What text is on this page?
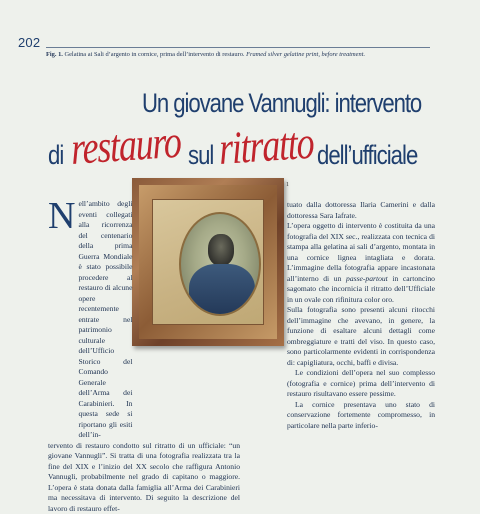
202
Fig. 1. Gelatina ai Sali d’argento in cornice, prima dell’intervento di restauro. Framed silver gelatine print, before treatment.
Un giovane Vannugli: intervento
di restauro sul ritratto dell’ufficiale
1
N ell’ambito degli eventi collegati alla ricorrenza del centenario della prima Guerra Mondiale è stato possibile procedere al restauro di alcune opere recentemente entrate nel patrimonio culturale dell’Ufficio Storico del Comando Generale dell’Arma dei Carabinieri. In questa sede si riportano gli esiti dell’in-

tervento di restauro condotto sul ritratto di un ufficiale: “un giovane Vannugli”. Si tratta di una fotografia realizzata tra la fine del XIX e l’inizio del XX secolo che raffigura Antonio Vannugli, probabilmente nel grado di capitano o maggiore. L’opera è stata donata dalla famiglia all’Arma dei Carabinieri ma necessitava di intervento. Di seguito la descrizione del lavoro di restauro effet-

tuato dalla dottoressa Ilaria Camerini e dalla dottoressa Sara Iafrate.

L’opera oggetto di intervento è costituita da una fotografia del XIX sec., realizzata con tecnica di stampa alla gelatina ai sali d’argento, montata in una cornice lignea intagliata e dorata. L’immagine della fotografia appare incastonata all’interno di un passe-partout in cartoncino sagomato che incornicia il ritratto dell’Ufficiale in un ovale con rifinitura color oro.

Sulla fotografia sono presenti alcuni ritocchi dell’immagine che avevano, in genere, la funzione di esaltare alcuni dettagli come ombreggiature e tratti del viso. In questo caso, sono particolarmente evidenti in corrispondenza di: capigliatura, occhi, baffi e divisa.

Le condizioni dell’opera nel suo complesso (fotografia e cornice) prima dell’intervento di restauro risultavano essere pessime.

La cornice presentava uno stato di conservazione fortemente compromesso, in particolare nella parte inferio-
